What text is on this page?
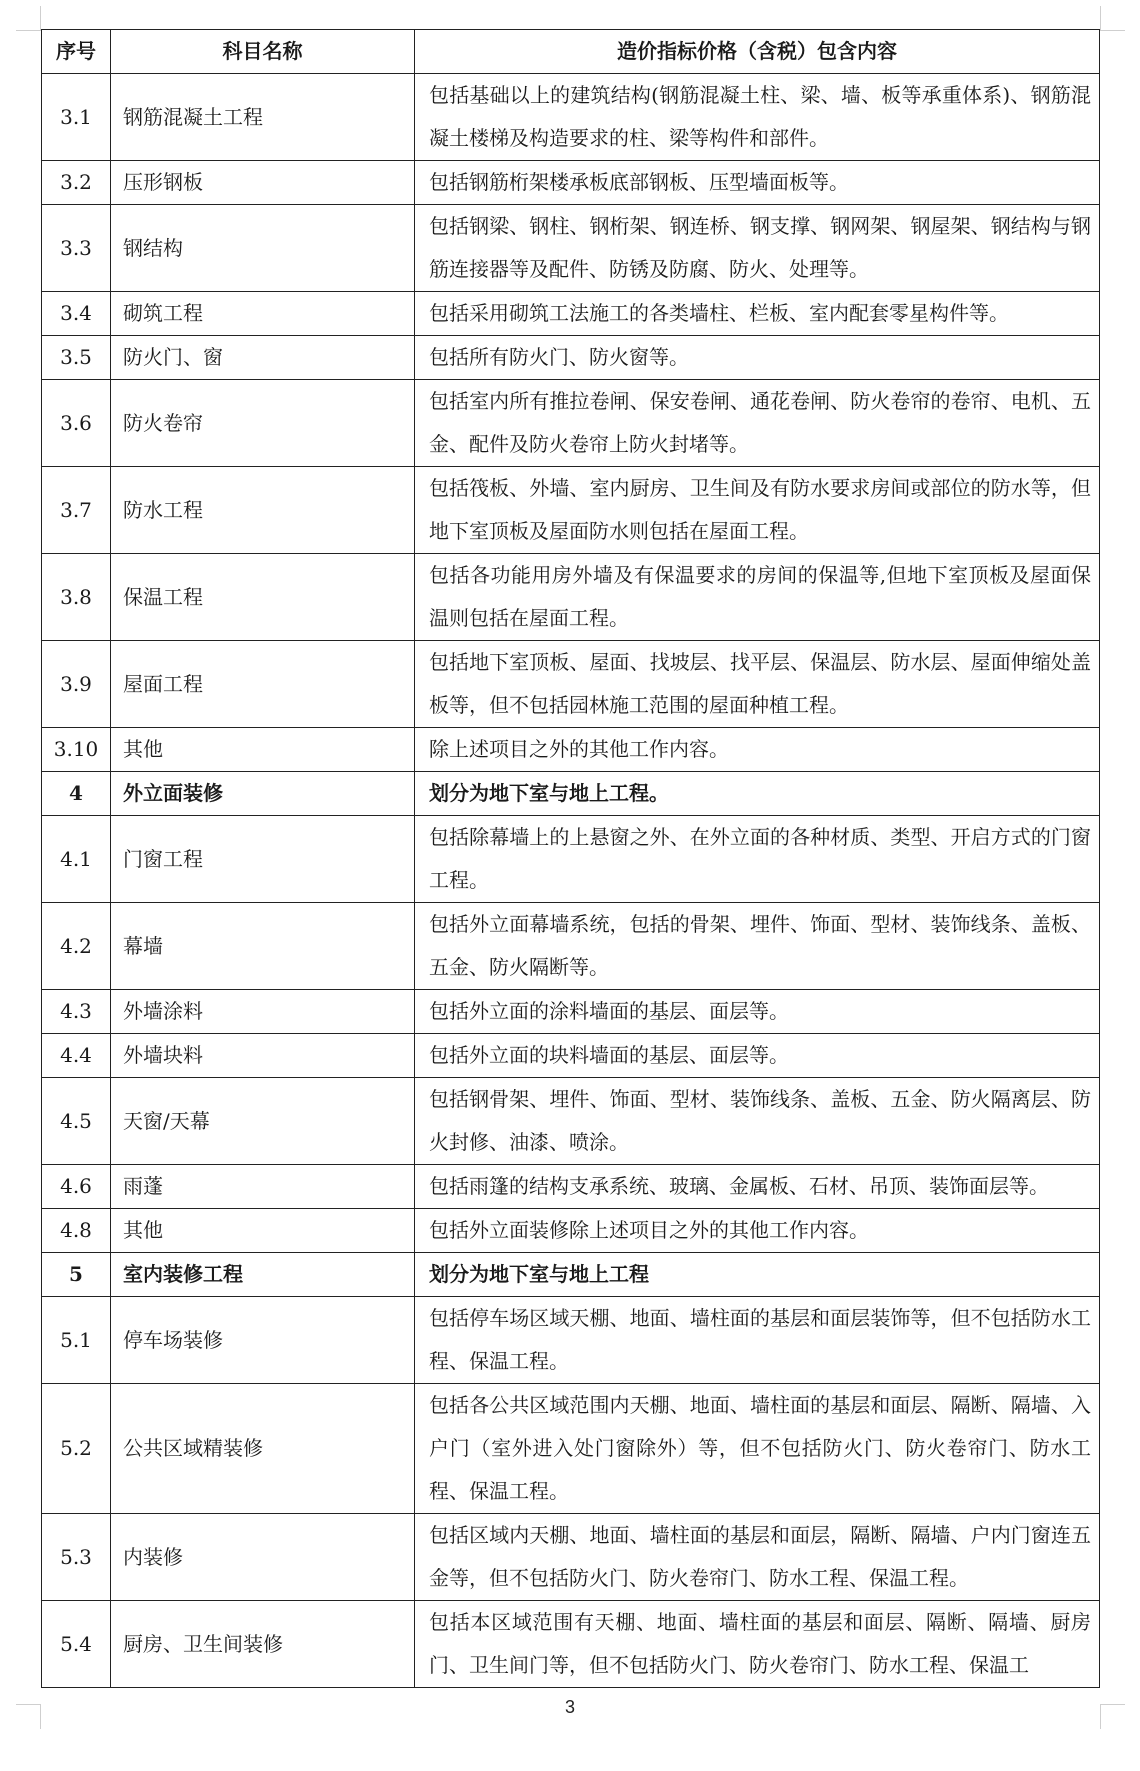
序号	科目名称	造价指标价格（含税）包含内容
3.1	钢筋混凝土工程	包括基础以上的建筑结构(钢筋混凝土柱、梁、墙、板等承重体系)、钢筋混凝土楼梯及构造要求的柱、梁等构件和部件。
3.2	压形钢板	包括钢筋桁架楼承板底部钢板、压型墙面板等。
3.3	钢结构	包括钢梁、钢柱、钢桁架、钢连桥、钢支撑、钢网架、钢屋架、钢结构与钢筋连接器等及配件、防锈及防腐、防火、处理等。
3.4	砌筑工程	包括采用砌筑工法施工的各类墙柱、栏板、室内配套零星构件等。
3.5	防火门、窗	包括所有防火门、防火窗等。
3.6	防火卷帘	包括室内所有推拉卷闸、保安卷闸、通花卷闸、防火卷帘的卷帘、电机、五金、配件及防火卷帘上防火封堵等。
3.7	防水工程	包括筏板、外墙、室内厨房、卫生间及有防水要求房间或部位的防水等，但地下室顶板及屋面防水则包括在屋面工程。
3.8	保温工程	包括各功能用房外墙及有保温要求的房间的保温等,但地下室顶板及屋面保温则包括在屋面工程。
3.9	屋面工程	包括地下室顶板、屋面、找坡层、找平层、保温层、防水层、屋面伸缩处盖板等，但不包括园林施工范围的屋面种植工程。
3.10	其他	除上述项目之外的其他工作内容。
4	外立面装修	划分为地下室与地上工程。
4.1	门窗工程	包括除幕墙上的上悬窗之外、在外立面的各种材质、类型、开启方式的门窗工程。
4.2	幕墙	包括外立面幕墙系统，包括的骨架、埋件、饰面、型材、装饰线条、盖板、五金、防火隔断等。
4.3	外墙涂料	包括外立面的涂料墙面的基层、面层等。
4.4	外墙块料	包括外立面的块料墙面的基层、面层等。
4.5	天窗/天幕	包括钢骨架、埋件、饰面、型材、装饰线条、盖板、五金、防火隔离层、防火封修、油漆、喷涂。
4.6	雨蓬	包括雨篷的结构支承系统、玻璃、金属板、石材、吊顶、装饰面层等。
4.8	其他	包括外立面装修除上述项目之外的其他工作内容。
5	室内装修工程	划分为地下室与地上工程
5.1	停车场装修	包括停车场区域天棚、地面、墙柱面的基层和面层装饰等，但不包括防水工程、保温工程。
5.2	公共区域精装修	包括各公共区域范围内天棚、地面、墙柱面的基层和面层、隔断、隔墙、入户门（室外进入处门窗除外）等，但不包括防火门、防火卷帘门、防水工程、保温工程。
5.3	内装修	包括区域内天棚、地面、墙柱面的基层和面层，隔断、隔墙、户内门窗连五金等，但不包括防火门、防火卷帘门、防水工程、保温工程。
5.4	厨房、卫生间装修	包括本区域范围有天棚、地面、墙柱面的基层和面层、隔断、隔墙、厨房门、卫生间门等，但不包括防火门、防火卷帘门、防水工程、保温工
3
